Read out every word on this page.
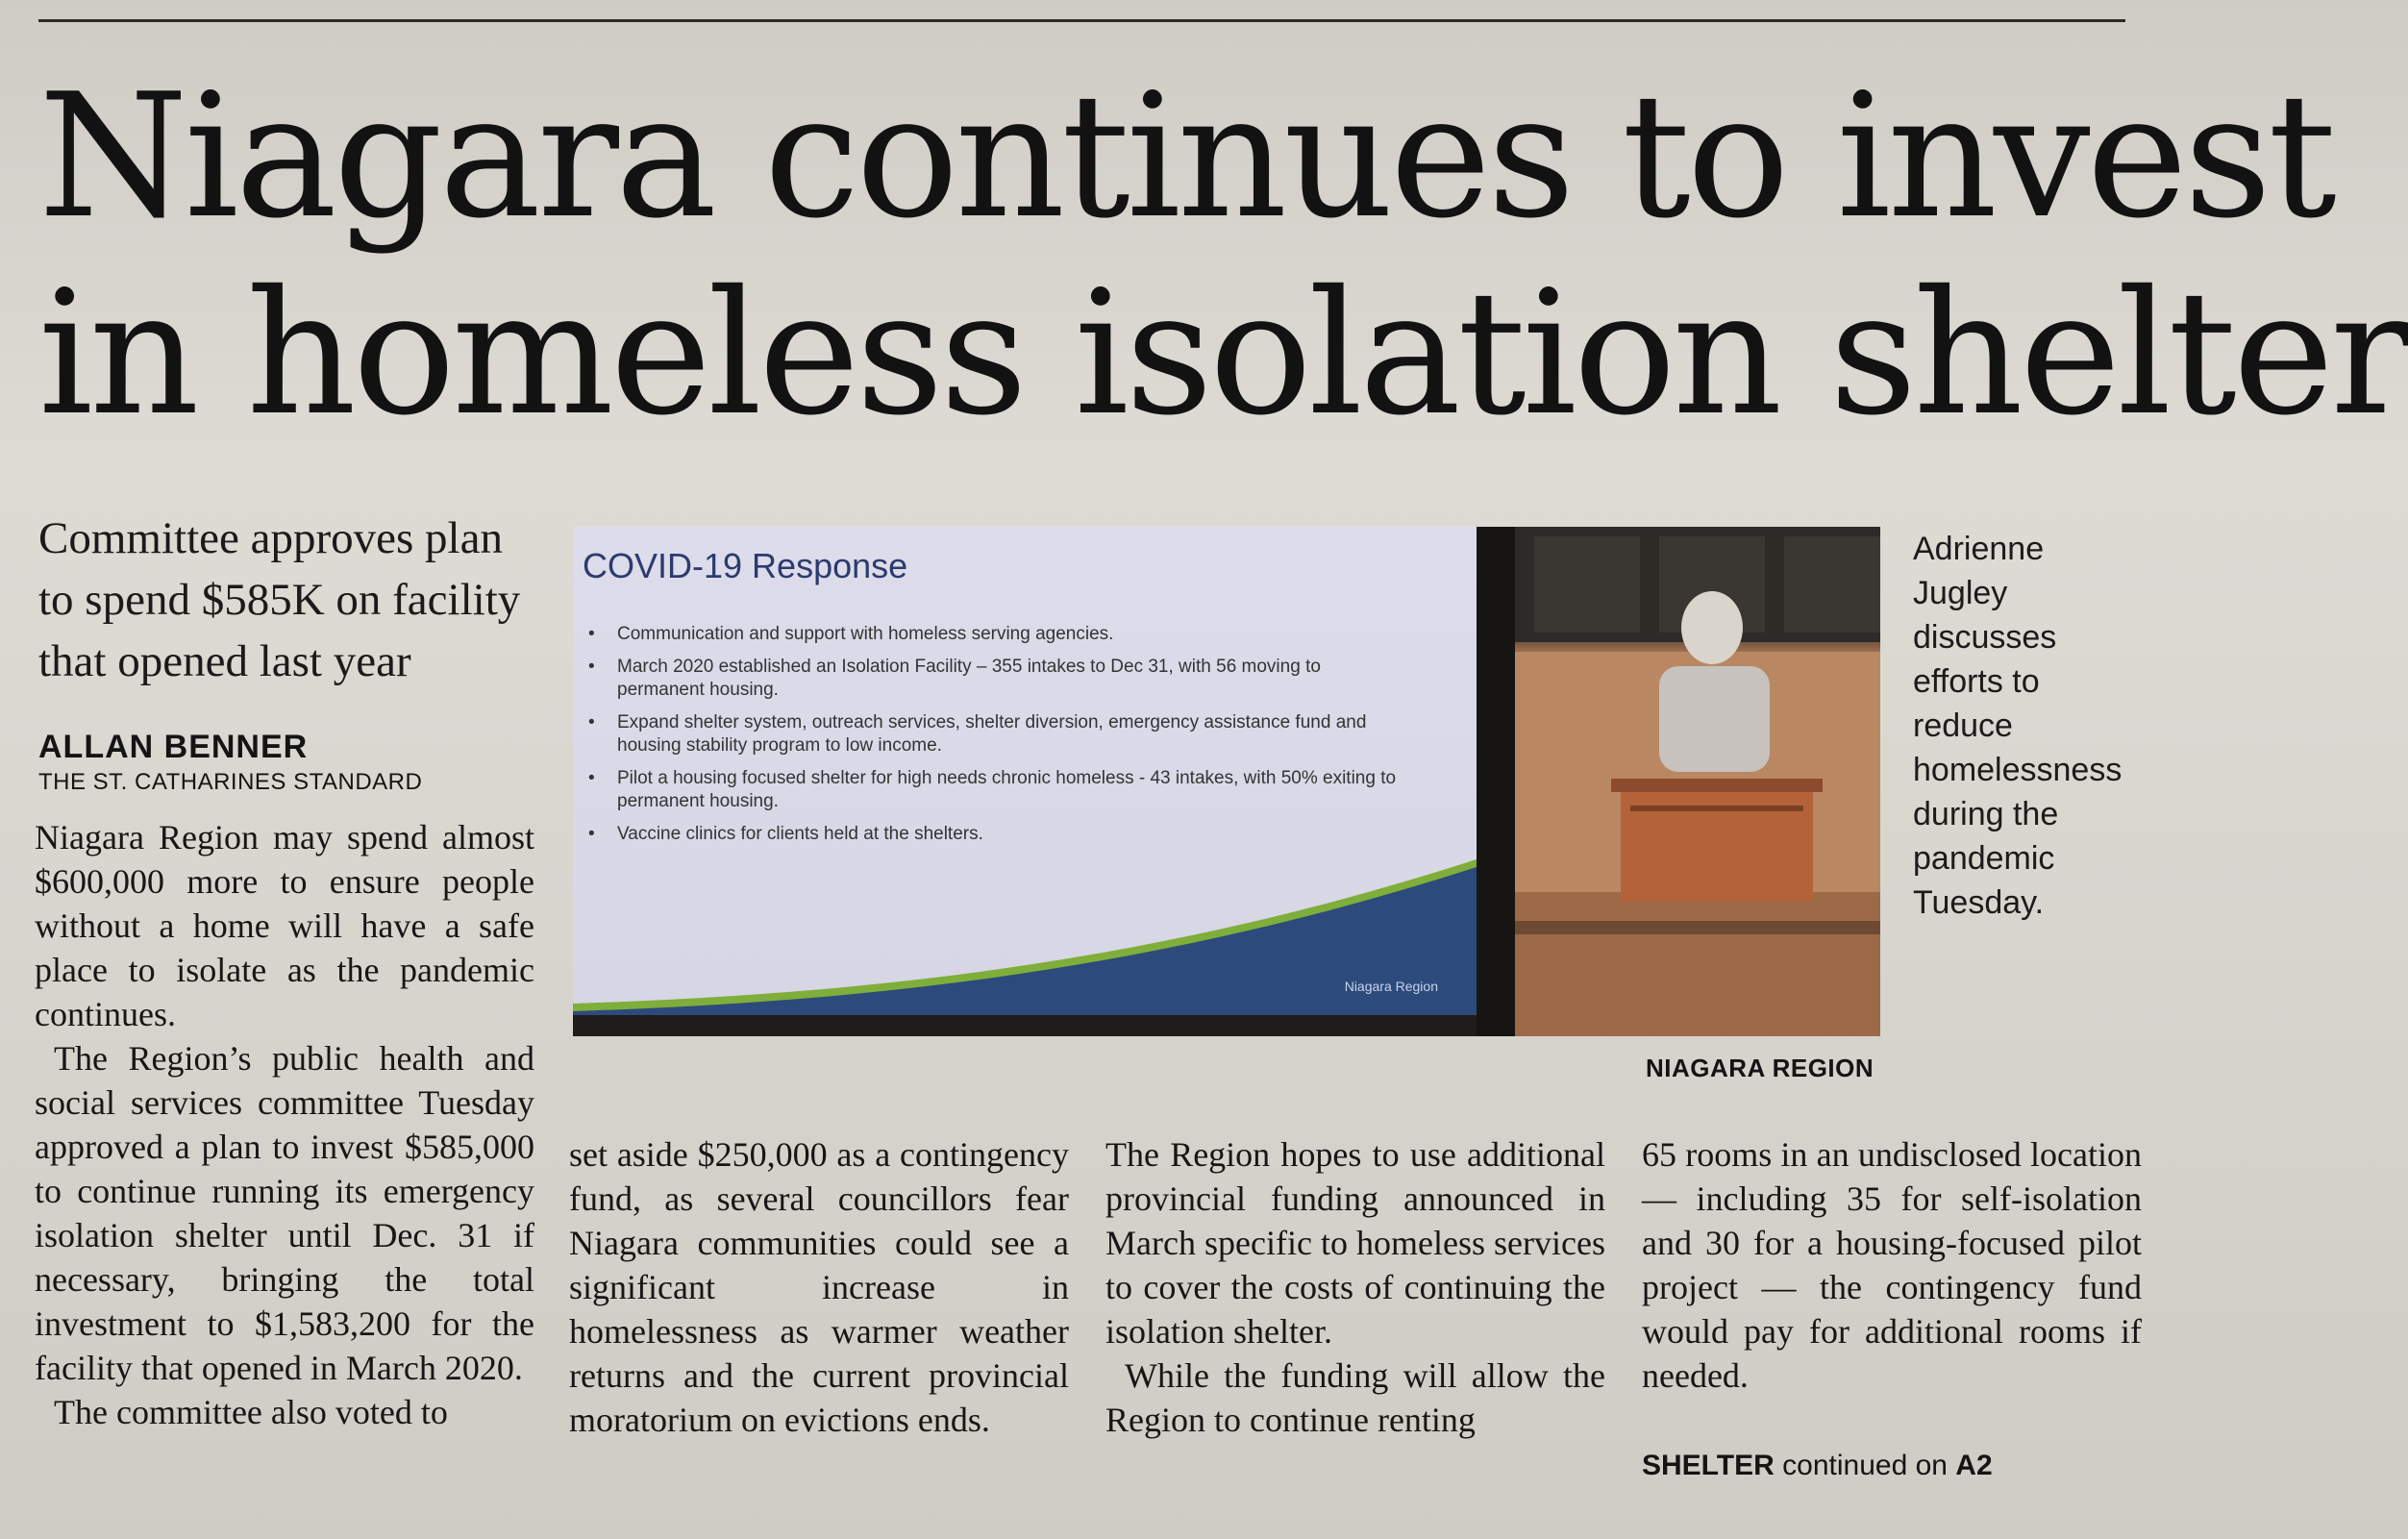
Niagara continues to invest
in homeless isolation shelter
Committee approves plan to spend $585K on facility that opened last year
ALLAN BENNER
THE ST. CATHARINES STANDARD

Niagara Region may spend almost $600,000 more to ensure people without a home will have a safe place to isolate as the pandemic continues.

The Region’s public health and social services committee Tuesday approved a plan to invest $585,000 to continue running its emergency isolation shelter until Dec. 31 if necessary, bringing the total investment to $1,583,200 for the facility that opened in March 2020.

The committee also voted to

COVID-19 Response
• Communication and support with homeless serving agencies.
• March 2020 established an Isolation Facility – 355 intakes to Dec 31, with 56 moving to permanent housing.
• Expand shelter system, outreach services, shelter diversion, emergency assistance fund and housing stability program to low income.
• Pilot a housing focused shelter for high needs chronic homeless - 43 intakes, with 50% exiting to permanent housing.
• Vaccine clinics for clients held at the shelters.
Niagara Region
Adrienne Jugley discusses efforts to reduce homelessness during the pandemic Tuesday.
NIAGARA REGION

set aside $250,000 as a contingency fund, as several councillors fear Niagara communities could see a significant increase in homelessness as warmer weather returns and the current provincial moratorium on evictions ends.

The Region hopes to use additional provincial funding announced in March specific to homeless services to cover the costs of continuing the isolation shelter.

While the funding will allow the Region to continue renting

65 rooms in an undisclosed location — including 35 for self-isolation and 30 for a housing-focused pilot project — the contingency fund would pay for additional rooms if needed.

SHELTER continued on A2
